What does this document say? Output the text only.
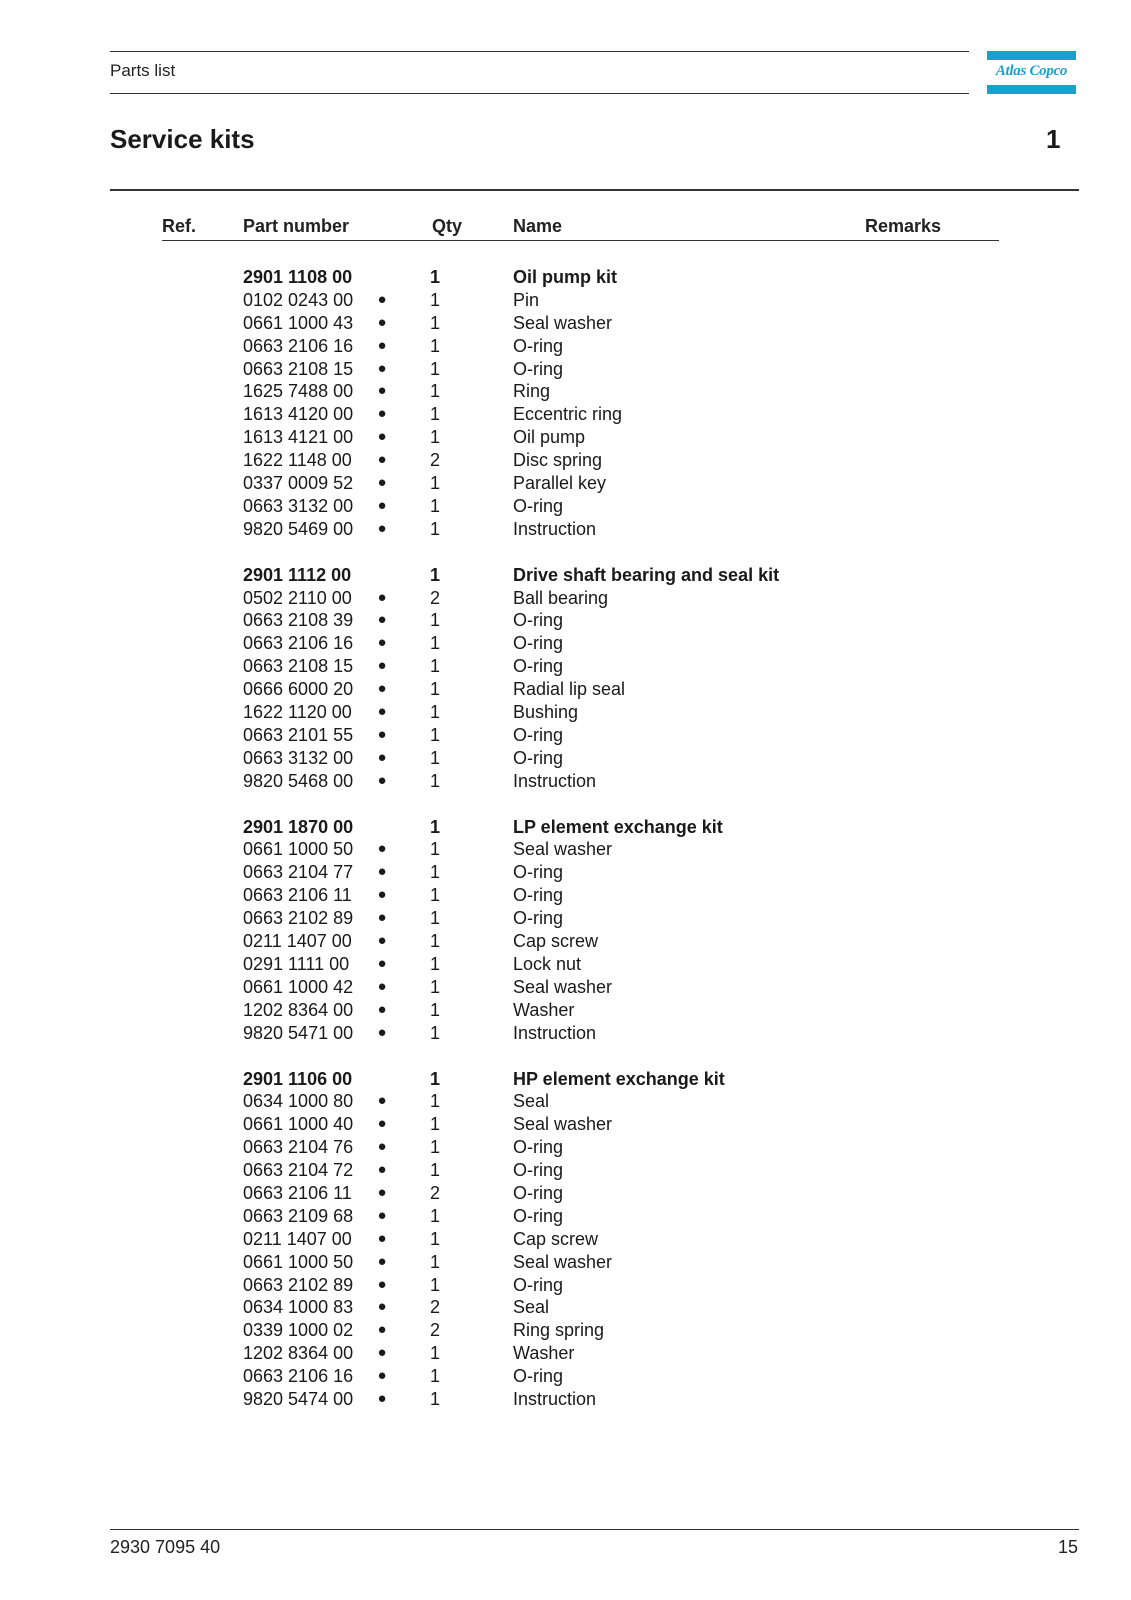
Parts list	Atlas Copco
Service kits	1
Ref.	Part number	Qty	Name	Remarks
2901 1108 00	1	Oil pump kit
0102 0243 00 ● 1	Pin
0661 1000 43 ● 1	Seal washer
0663 2106 16 ● 1	O-ring
0663 2108 15 ● 1	O-ring
1625 7488 00 ● 1	Ring
1613 4120 00 ● 1	Eccentric ring
1613 4121 00 ● 1	Oil pump
1622 1148 00 ● 2	Disc spring
0337 0009 52 ● 1	Parallel key
0663 3132 00 ● 1	O-ring
9820 5469 00 ● 1	Instruction
2901 1112 00	1	Drive shaft bearing and seal kit
0502 2110 00 ● 2	Ball bearing
0663 2108 39 ● 1	O-ring
0663 2106 16 ● 1	O-ring
0663 2108 15 ● 1	O-ring
0666 6000 20 ● 1	Radial lip seal
1622 1120 00 ● 1	Bushing
0663 2101 55 ● 1	O-ring
0663 3132 00 ● 1	O-ring
9820 5468 00 ● 1	Instruction
2901 1870 00	1	LP element exchange kit
0661 1000 50 ● 1	Seal washer
0663 2104 77 ● 1	O-ring
0663 2106 11 ● 1	O-ring
0663 2102 89 ● 1	O-ring
0211 1407 00 ● 1	Cap screw
0291 1111 00 ● 1	Lock nut
0661 1000 42 ● 1	Seal washer
1202 8364 00 ● 1	Washer
9820 5471 00 ● 1	Instruction
2901 1106 00	1	HP element exchange kit
0634 1000 80 ● 1	Seal
0661 1000 40 ● 1	Seal washer
0663 2104 76 ● 1	O-ring
0663 2104 72 ● 1	O-ring
0663 2106 11 ● 2	O-ring
0663 2109 68 ● 1	O-ring
0211 1407 00 ● 1	Cap screw
0661 1000 50 ● 1	Seal washer
0663 2102 89 ● 1	O-ring
0634 1000 83 ● 2	Seal
0339 1000 02 ● 2	Ring spring
1202 8364 00 ● 1	Washer
0663 2106 16 ● 1	O-ring
9820 5474 00 ● 1	Instruction
2930 7095 40	15
